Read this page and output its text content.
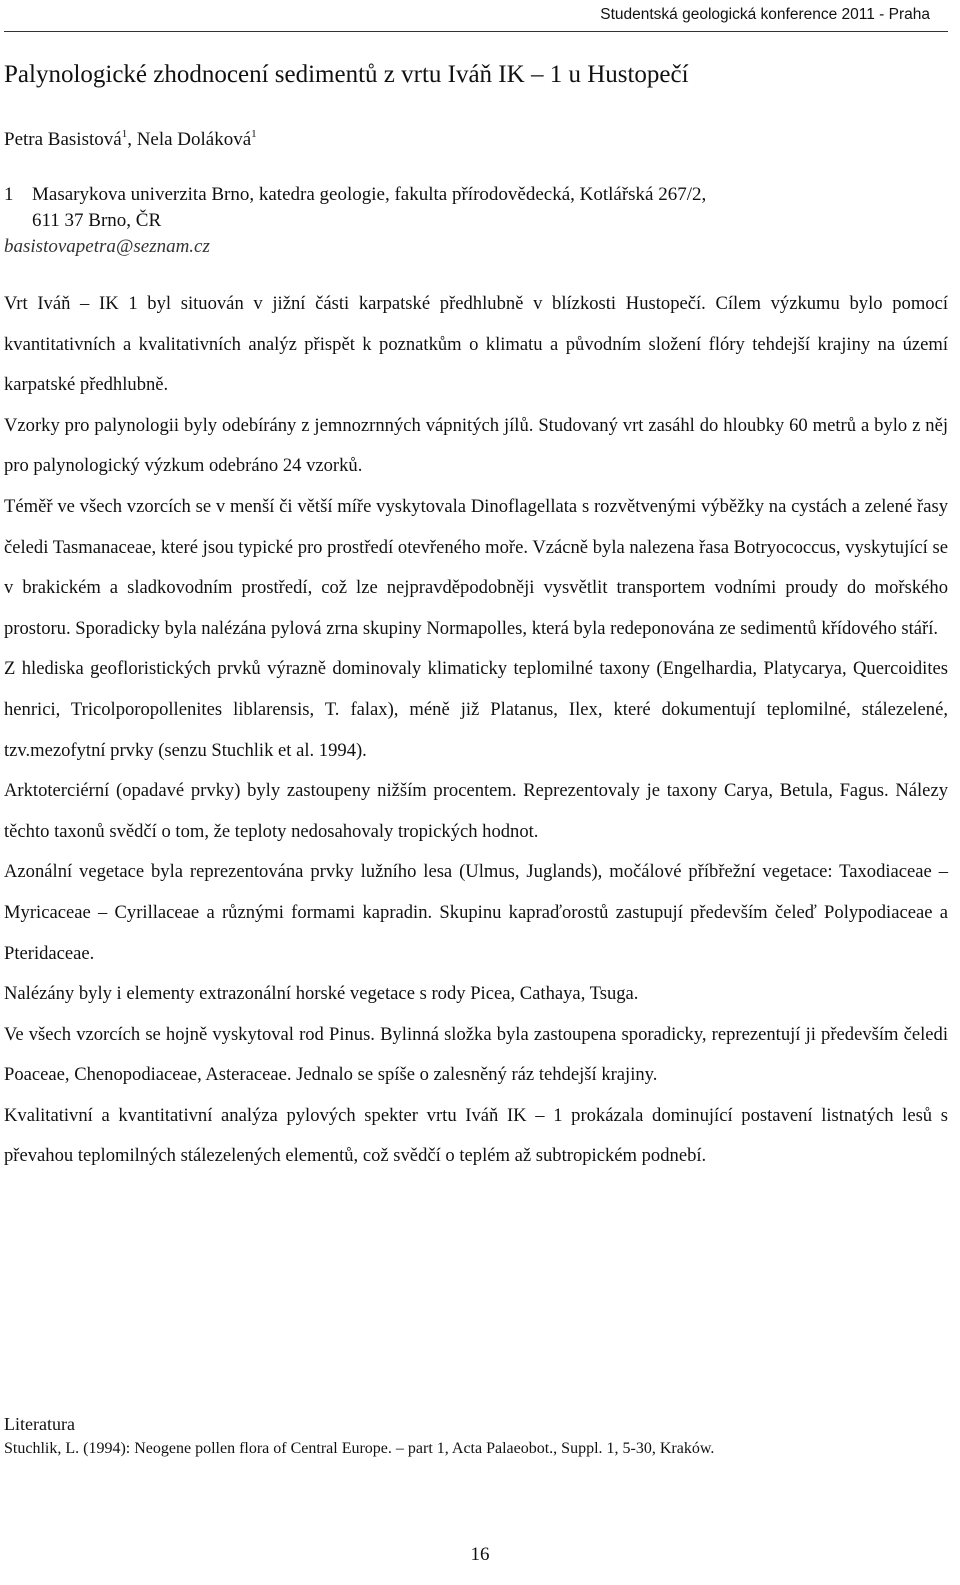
Studentská geologická konference 2011 - Praha
Palynologické zhodnocení sedimentů z vrtu Iváň IK – 1 u Hustopečí
Petra Basistová$^1$, Nela Doláková$^1$
1 Masarykova univerzita Brno, katedra geologie, fakulta přírodovědecká, Kotlářská 267/2,
611 37 Brno, ČR
basistovapetra@seznam.cz

Vrt Iváň – IK 1 byl situován v jižní části karpatské předhlubně v blízkosti Hustopečí. Cílem výzkumu bylo pomocí kvantitativních a kvalitativních analýz přispět k poznatkům o klimatu a původním složení flóry tehdejší krajiny na území karpatské předhlubně.

Vzorky pro palynologii byly odebírány z jemnozrnných vápnitých jílů. Studovaný vrt zasáhl do hloubky 60 metrů a bylo z něj pro palynologický výzkum odebráno 24 vzorků.

Téměř ve všech vzorcích se v menší či větší míře vyskytovala Dinoflagellata s rozvětvenými výběžky na cystách a zelené řasy čeledi Tasmanaceae, které jsou typické pro prostředí otevřeného moře. Vzácně byla nalezena řasa Botryococcus, vyskytující se v brakickém a sladkovodním prostředí, což lze nejpravděpodobněji vysvětlit transportem vodními proudy do mořského prostoru. Sporadicky byla nalézána pylová zrna skupiny Normapolles, která byla redeponována ze sedimentů křídového stáří.

Z hlediska geofloristických prvků výrazně dominovaly klimaticky teplomilné taxony (Engelhardia, Platycarya, Quercoidites henrici, Tricolporopollenites liblarensis, T. falax), méně již Platanus, Ilex, které dokumentují teplomilné, stálezelené, tzv.mezofytní prvky (senzu Stuchlik et al. 1994).

Arktoterciérní (opadavé prvky) byly zastoupeny nižším procentem. Reprezentovaly je taxony Carya, Betula, Fagus. Nálezy těchto taxonů svědčí o tom, že teploty nedosahovaly tropických hodnot.

Azonální vegetace byla reprezentována prvky lužního lesa (Ulmus, Juglands), močálové příbřežní vegetace: Taxodiaceae – Myricaceae – Cyrillaceae a různými formami kapradin. Skupinu kapraďorostů zastupují především čeleď Polypodiaceae a Pteridaceae.

Nalézány byly i elementy extrazonální horské vegetace s rody Picea, Cathaya, Tsuga.

Ve všech vzorcích se hojně vyskytoval rod Pinus. Bylinná složka byla zastoupena sporadicky, reprezentují ji především čeledi Poaceae, Chenopodiaceae, Asteraceae. Jednalo se spíše o zalesněný ráz tehdejší krajiny.

Kvalitativní a kvantitativní analýza pylových spekter vrtu Iváň IK – 1 prokázala dominující postavení listnatých lesů s převahou teplomilných stálezelených elementů, což svědčí o teplém až subtropickém podnebí.

Literatura
Stuchlik, L. (1994): Neogene pollen flora of Central Europe. – part 1, Acta Palaeobot., Suppl. 1, 5-30, Kraków.
16
